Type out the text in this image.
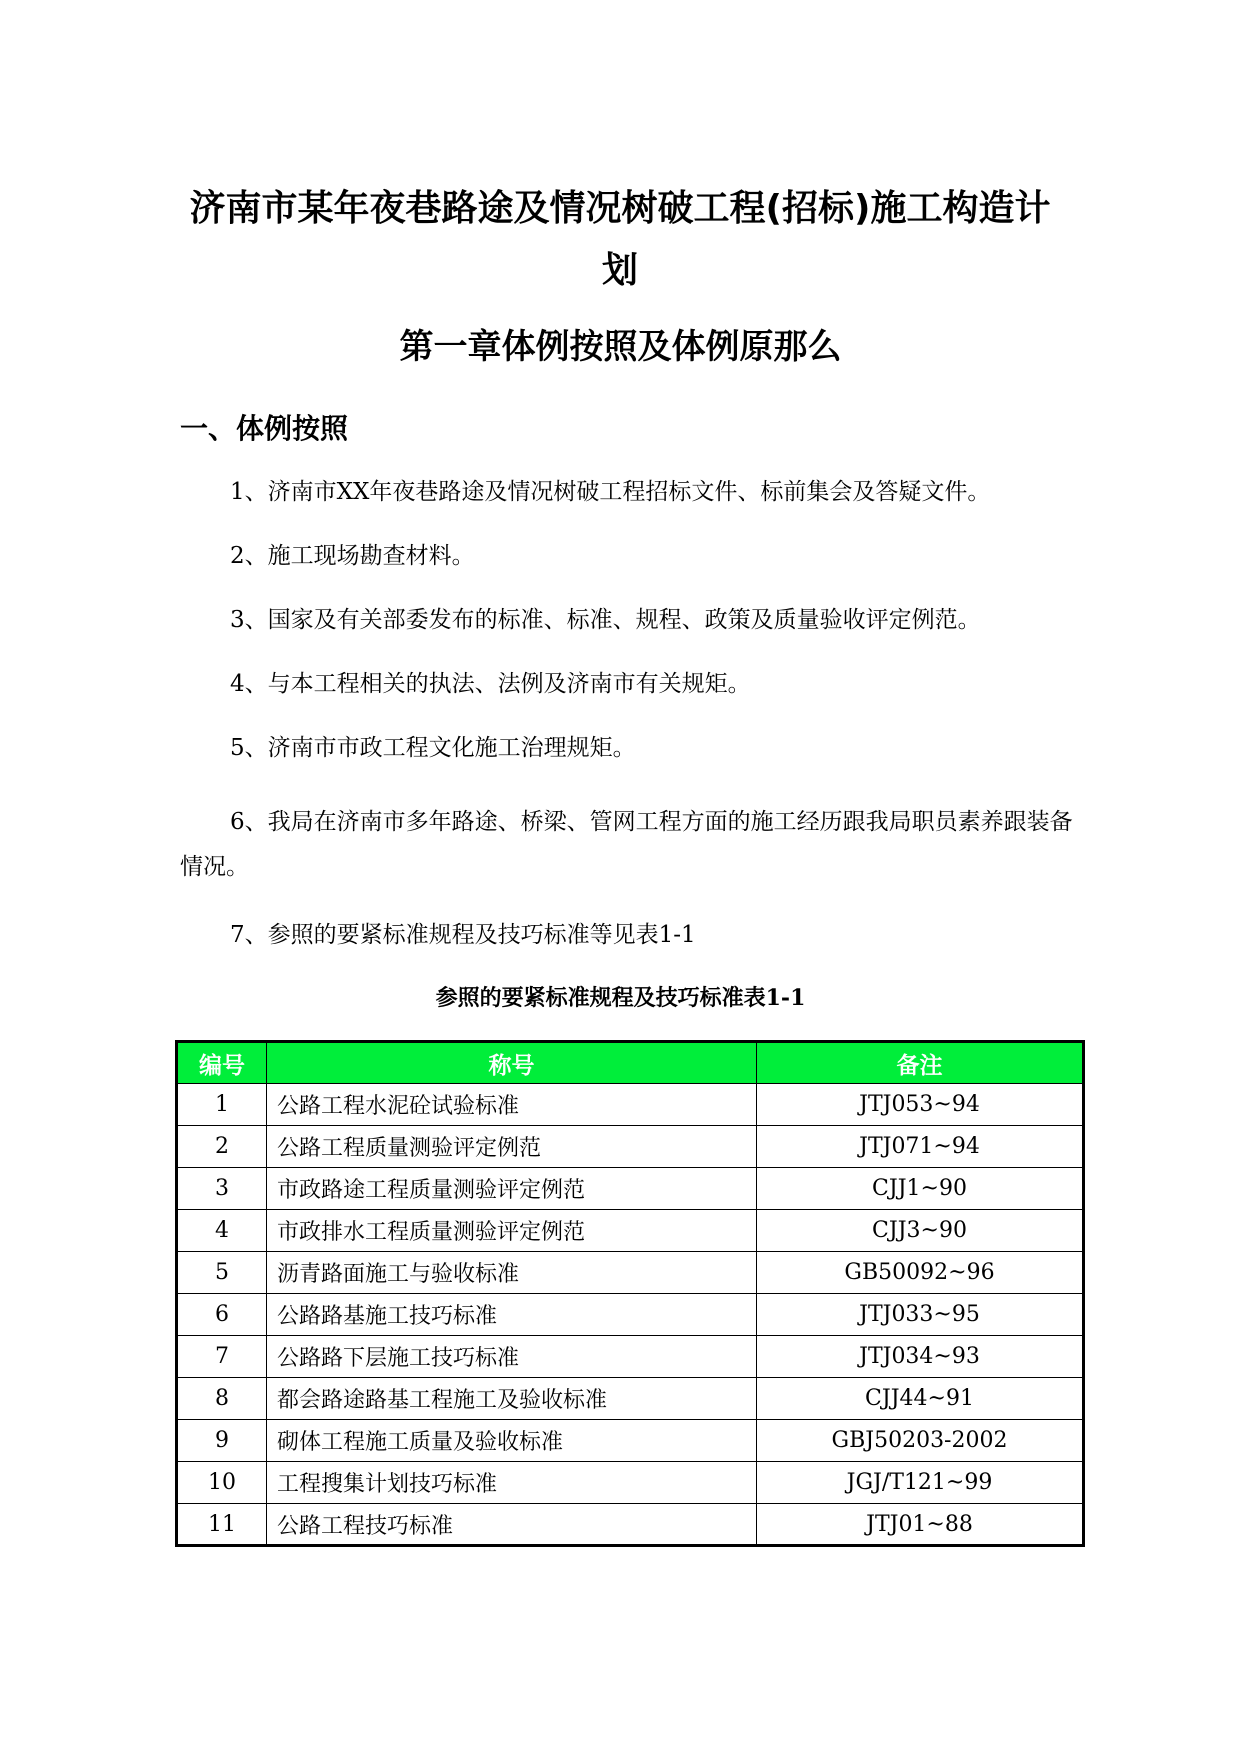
济南市某年夜巷路途及情况树破工程(招标)施工构造计
划
第一章体例按照及体例原那么
一、体例按照

1、济南市XX年夜巷路途及情况树破工程招标文件、标前集会及答疑文件。

2、施工现场勘查材料。

3、国家及有关部委发布的标准、标准、规程、政策及质量验收评定例范。

4、与本工程相关的执法、法例及济南市有关规矩。

5、济南市市政工程文化施工治理规矩。

6、我局在济南市多年路途、桥梁、管网工程方面的施工经历跟我局职员素养跟装备情况。

7、参照的要紧标准规程及技巧标准等见表1-1

参照的要紧标准规程及技巧标准表1-1

编号	称号	备注
1	公路工程水泥砼试验标准	JTJ053~94
2	公路工程质量测验评定例范	JTJ071~94
3	市政路途工程质量测验评定例范	CJJ1~90
4	市政排水工程质量测验评定例范	CJJ3~90
5	沥青路面施工与验收标准	GB50092~96
6	公路路基施工技巧标准	JTJ033~95
7	公路路下层施工技巧标准	JTJ034~93
8	都会路途路基工程施工及验收标准	CJJ44~91
9	砌体工程施工质量及验收标准	GBJ50203-2002
10	工程搜集计划技巧标准	JGJ/T121~99
11	公路工程技巧标准	JTJ01~88
